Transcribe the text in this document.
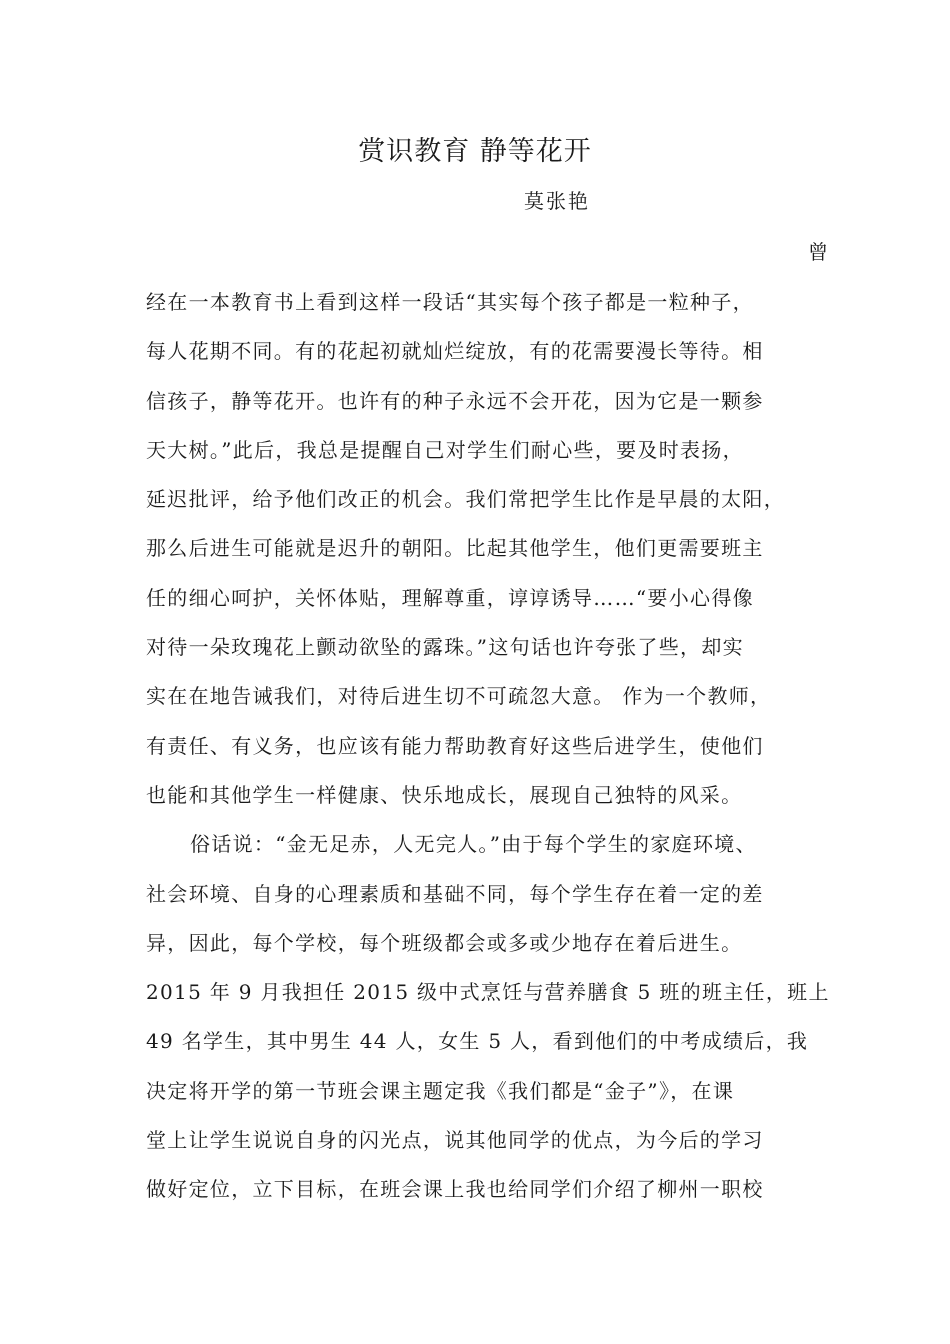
赏识教育 静等花开
莫张艳
曾
经在一本教育书上看到这样一段话“其实每个孩子都是一粒种子，
每人花期不同。有的花起初就灿烂绽放，有的花需要漫长等待。相
信孩子，静等花开。也许有的种子永远不会开花，因为它是一颗参
天大树。”此后，我总是提醒自己对学生们耐心些，要及时表扬，
延迟批评，给予他们改正的机会。我们常把学生比作是早晨的太阳，
那么后进生可能就是迟升的朝阳。比起其他学生，他们更需要班主
任的细心呵护，关怀体贴，理解尊重，谆谆诱导……“要小心得像
对待一朵玫瑰花上颤动欲坠的露珠。”这句话也许夸张了些，却实
实在在地告诫我们，对待后进生切不可疏忽大意。 作为一个教师，
有责任、有义务，也应该有能力帮助教育好这些后进学生，使他们
也能和其他学生一样健康、快乐地成长，展现自己独特的风采。
俗话说：“金无足赤，人无完人。”由于每个学生的家庭环境、
社会环境、自身的心理素质和基础不同，每个学生存在着一定的差
异，因此，每个学校，每个班级都会或多或少地存在着后进生。
2015 年 9 月我担任 2015 级中式烹饪与营养膳食 5 班的班主任，班上
49 名学生，其中男生 44 人，女生 5 人，看到他们的中考成绩后，我
决定将开学的第一节班会课主题定我《我们都是“金子”》，在课
堂上让学生说说自身的闪光点，说其他同学的优点，为今后的学习
做好定位，立下目标，在班会课上我也给同学们介绍了柳州一职校
